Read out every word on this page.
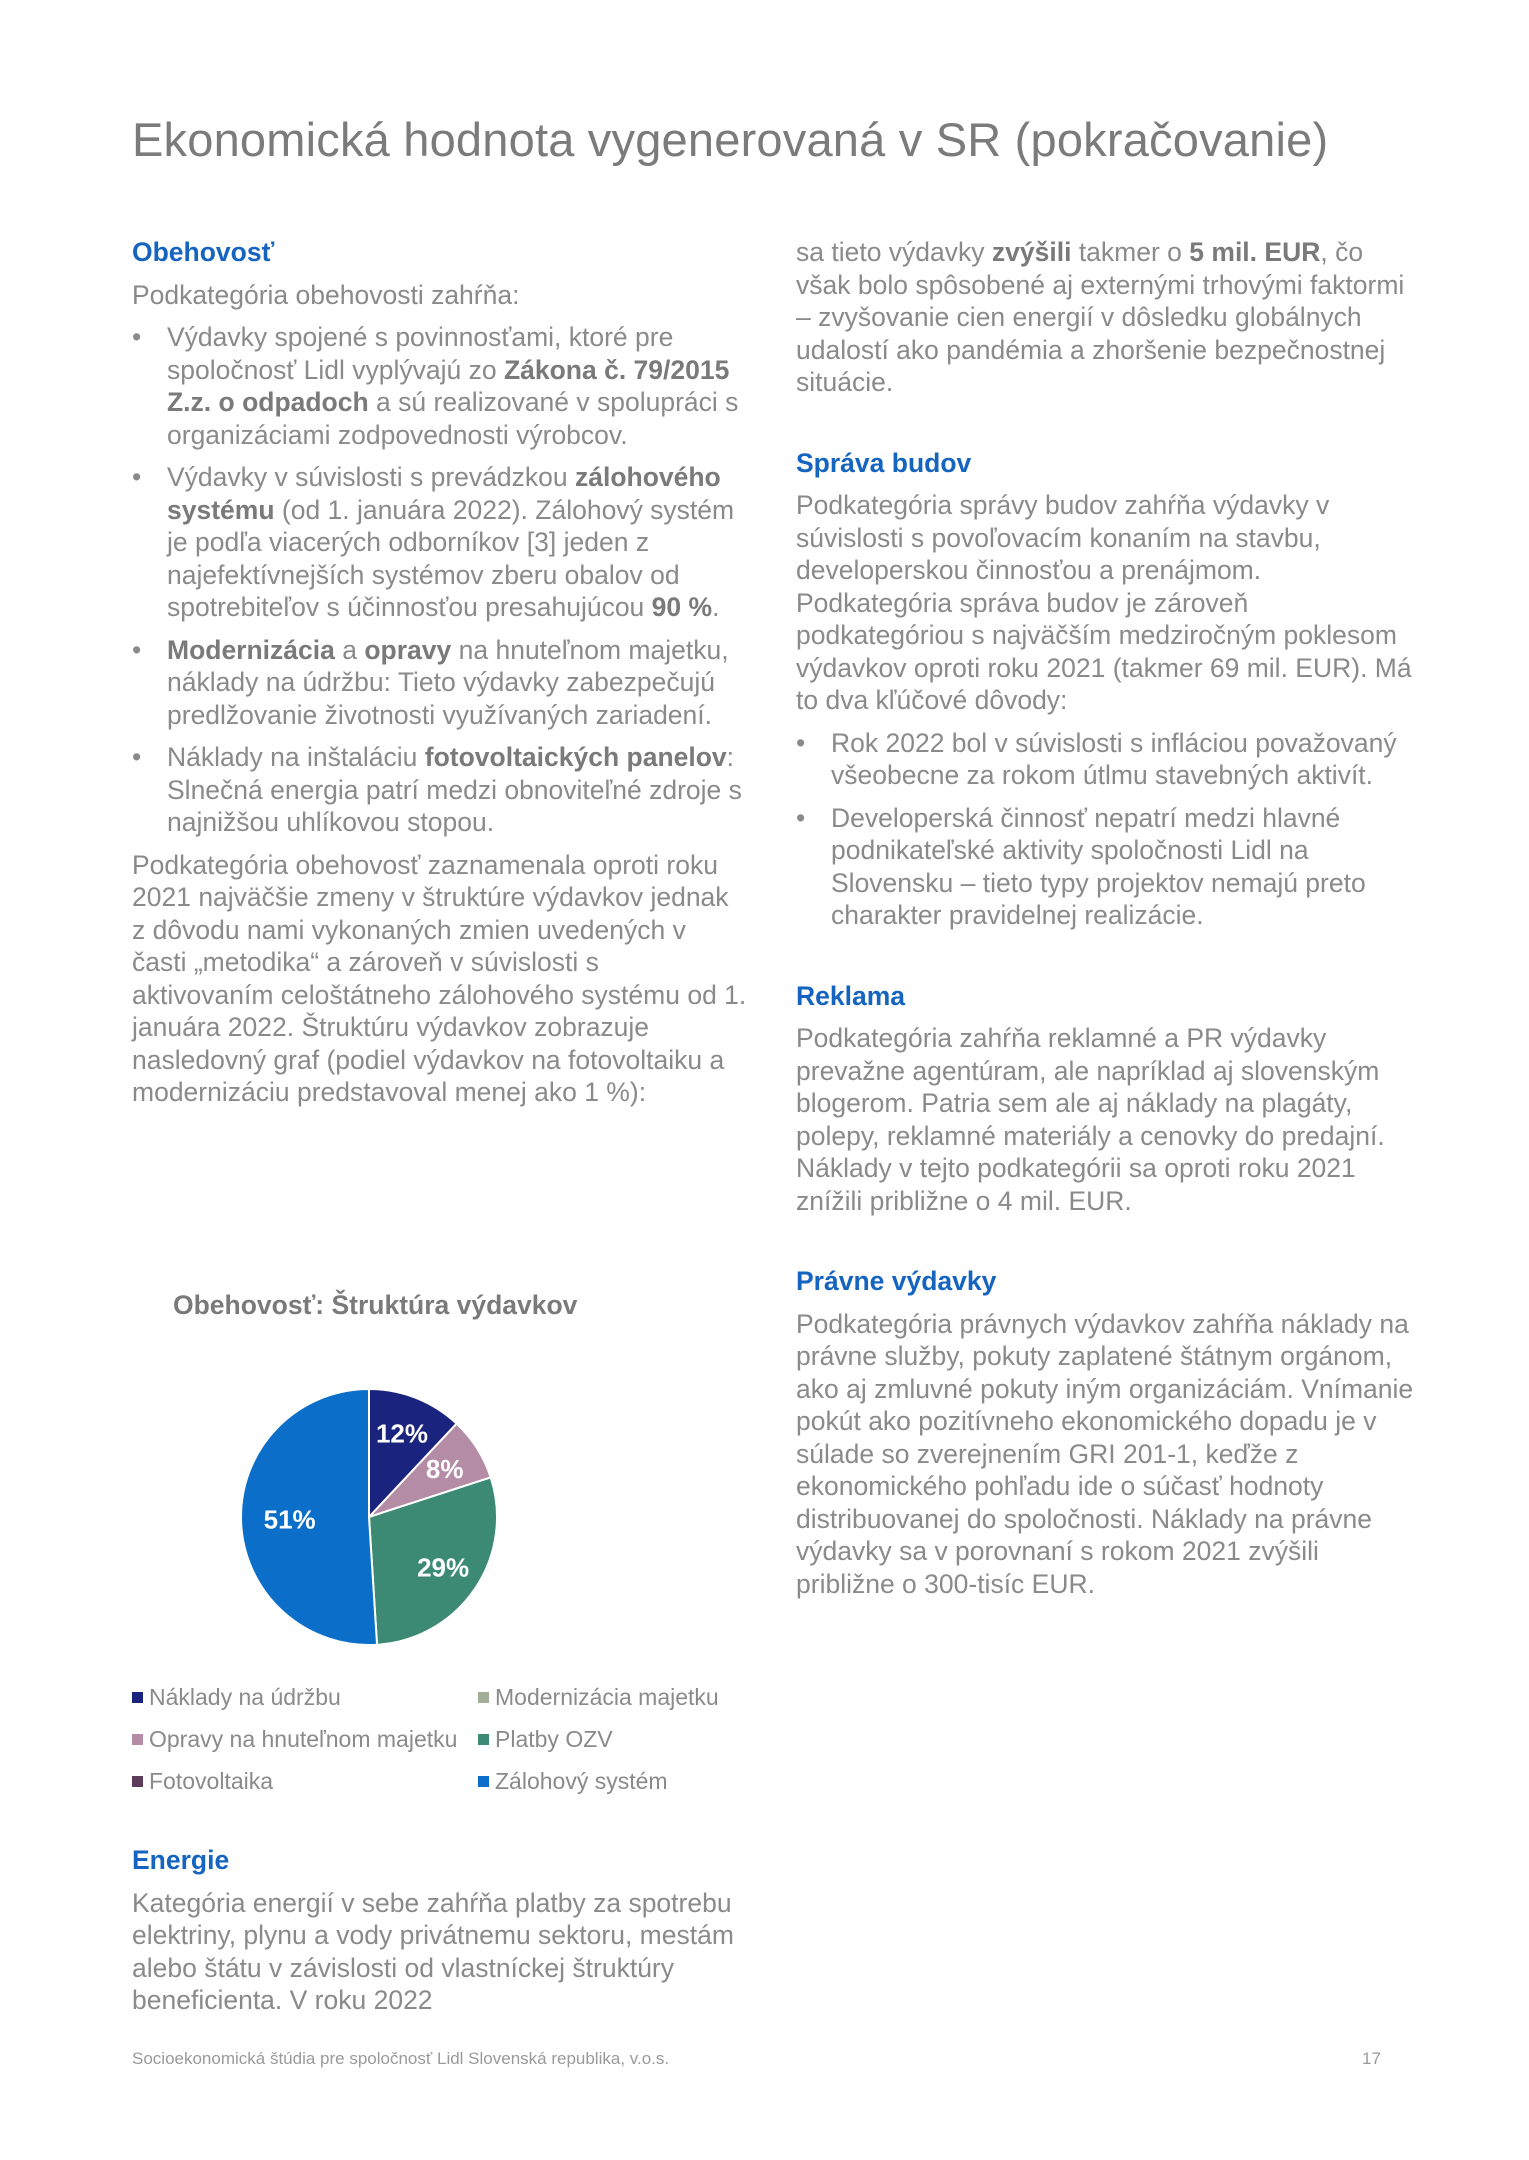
Ekonomická hodnota vygenerovaná v SR (pokračovanie)
Obehovosť

Podkategória obehovosti zahŕňa:

• Výdavky spojené s povinnosťami, ktoré pre spoločnosť Lidl vyplývajú zo Zákona č. 79/2015 Z.z. o odpadoch a sú realizované v spolupráci s organizáciami zodpovednosti výrobcov.
• Výdavky v súvislosti s prevádzkou zálohového systému (od 1. januára 2022). Zálohový systém je podľa viacerých odborníkov [3] jeden z najefektívnejších systémov zberu obalov od spotrebiteľov s účinnosťou presahujúcou 90 %.
• Modernizácia a opravy na hnuteľnom majetku, náklady na údržbu: Tieto výdavky zabezpečujú predlžovanie životnosti využívaných zariadení.
• Náklady na inštaláciu fotovoltaických panelov: Slnečná energia patrí medzi obnoviteľné zdroje s najnižšou uhlíkovou stopou.

Podkategória obehovosť zaznamenala oproti roku 2021 najväčšie zmeny v štruktúre výdavkov jednak z dôvodu nami vykonaných zmien uvedených v časti „metodika“ a zároveň v súvislosti s aktivovaním celoštátneho zálohového systému od 1. januára 2022. Štruktúru výdavkov zobrazuje nasledovný graf (podiel výdavkov na fotovoltaiku a modernizáciu predstavoval menej ako 1 %):

Obehovosť: Štruktúra výdavkov
12%
8%
29%
51%
Náklady na údržbu
Opravy na hnuteľnom majetku
Fotovoltaika
Modernizácia majetku
Platby OZV
Zálohový systém
Energie

Kategória energií v sebe zahŕňa platby za spotrebu elektriny, plynu a vody privátnemu sektoru, mestám alebo štátu v závislosti od vlastníckej štruktúry beneficienta. V roku 2022

sa tieto výdavky zvýšili takmer o 5 mil. EUR, čo však bolo spôsobené aj externými trhovými faktormi – zvyšovanie cien energií v dôsledku globálnych udalostí ako pandémia a zhoršenie bezpečnostnej situácie.

Správa budov

Podkategória správy budov zahŕňa výdavky v súvislosti s povoľovacím konaním na stavbu, developerskou činnosťou a prenájmom. Podkategória správa budov je zároveň podkategóriou s najväčším medziročným poklesom výdavkov oproti roku 2021 (takmer 69 mil. EUR). Má to dva kľúčové dôvody:

• Rok 2022 bol v súvislosti s infláciou považovaný všeobecne za rokom útlmu stavebných aktivít.
• Developerská činnosť nepatrí medzi hlavné podnikateľské aktivity spoločnosti Lidl na Slovensku – tieto typy projektov nemajú preto charakter pravidelnej realizácie.
Reklama

Podkategória zahŕňa reklamné a PR výdavky prevažne agentúram, ale napríklad aj slovenským blogerom. Patria sem ale aj náklady na plagáty, polepy, reklamné materiály a cenovky do predajní. Náklady v tejto podkategórii sa oproti roku 2021 znížili približne o 4 mil. EUR.

Právne výdavky

Podkategória právnych výdavkov zahŕňa náklady na právne služby, pokuty zaplatené štátnym orgánom, ako aj zmluvné pokuty iným organizáciám. Vnímanie pokút ako pozitívneho ekonomického dopadu je v súlade so zverejnením GRI 201-1, keďže z ekonomického pohľadu ide o súčasť hodnoty distribuovanej do spoločnosti. Náklady na právne výdavky sa v porovnaní s rokom 2021 zvýšili približne o 300-tisíc EUR.

Socioekonomická štúdia pre spoločnosť Lidl Slovenská republika, v.o.s.	17
